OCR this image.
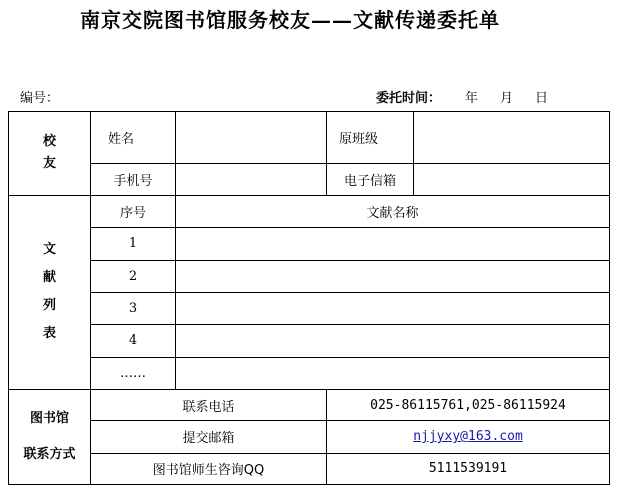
南京交院图书馆服务校友——文献传递委托单
编号：	委托时间： 年 月 日
校
友	姓名		原班级	
	手机号		电子信箱	

文
献
列
表	序号	文献名称		
	1			
	2			
	3			
	4			
	……			

图书馆
联系方式	联系电话		025-86115761,025-86115924	
	提交邮箱		njjyxy@163.com	
	图书馆师生咨询QQ		5111539191	
